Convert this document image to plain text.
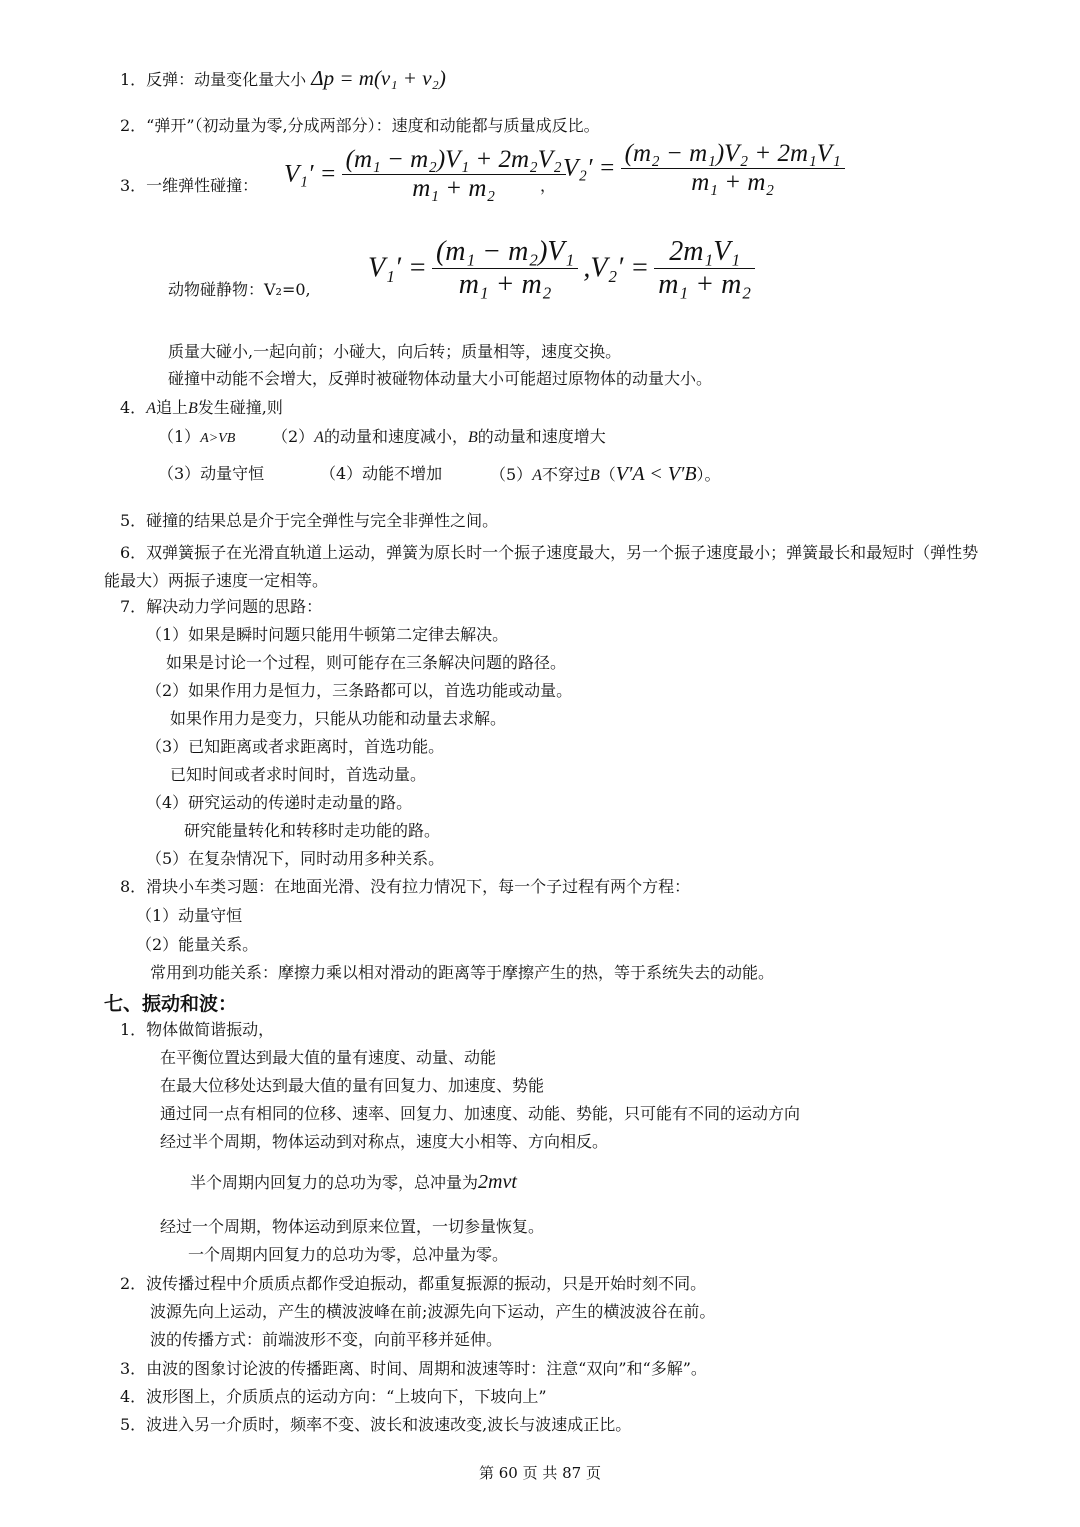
1．反弹：动量变化量大小 Δp = m(v₁ + v₂)
2．“弹开”（初动量为零,分成两部分）：速度和动能都与质量成反比。
3．一维弹性碰撞： $V_1' = \frac{\text{(m₁ − m₂)V₁ + 2m₂V₂}}{\text{m₁ + m₂}}$
，
$V_2' = \frac{\text{(m₂ − m₁)V₂ + 2m₁V₁}}{\text{m₁ + m₂}}$
动物碰静物：V₂=0,
$V_1' = \frac{\text{(m₁ − m₂)V₁}}{\text{m₁ + m₂}} ,V_2' = \frac{\text{2m₁V₁}}{\text{m₁ + m₂}}$
质量大碰小,一起向前；小碰大，向后转；质量相等，速度交换。
碰撞中动能不会增大，反弹时被碰物体动量大小可能超过原物体的动量大小。
4．A追上B发生碰撞,则
（1）A>VB （2）A的动量和速度减小，B的动量和速度增大
（3）动量守恒	（4）动能不增加	（5）A不穿过B（V′A < V′B）。
5．碰撞的结果总是介于完全弹性与完全非弹性之间。
6．双弹簧振子在光滑直轨道上运动，弹簧为原长时一个振子速度最大，另一个振子速度最小；弹簧最长和最短时（弹性势能最大）两振子速度一定相等。
7．解决动力学问题的思路：
（1）如果是瞬时问题只能用牛顿第二定律去解决。
如果是讨论一个过程，则可能存在三条解决问题的路径。
（2）如果作用力是恒力，三条路都可以，首选功能或动量。
如果作用力是变力，只能从功能和动量去求解。
（3）已知距离或者求距离时，首选功能。
已知时间或者求时间时，首选动量。
（4）研究运动的传递时走动量的路。
研究能量转化和转移时走功能的路。
（5）在复杂情况下，同时动用多种关系。
8．滑块小车类习题：在地面光滑、没有拉力情况下，每一个子过程有两个方程：
（1）动量守恒
（2）能量关系。
常用到功能关系：摩擦力乘以相对滑动的距离等于摩擦产生的热，等于系统失去的动能。
七、振动和波：
1．物体做简谐振动，
在平衡位置达到最大值的量有速度、动量、动能
在最大位移处达到最大值的量有回复力、加速度、势能
通过同一点有相同的位移、速率、回复力、加速度、动能、势能，只可能有不同的运动方向
经过半个周期，物体运动到对称点，速度大小相等、方向相反。
半个周期内回复力的总功为零，总冲量为2mvt
经过一个周期，物体运动到原来位置，一切参量恢复。
一个周期内回复力的总功为零，总冲量为零。
2．波传播过程中介质质点都作受迫振动，都重复振源的振动，只是开始时刻不同。
波源先向上运动，产生的横波波峰在前;波源先向下运动，产生的横波波谷在前。
波的传播方式：前端波形不变，向前平移并延伸。
3．由波的图象讨论波的传播距离、时间、周期和波速等时：注意“双向”和“多解”。
4．波形图上，介质质点的运动方向：“上坡向下，下坡向上”
5．波进入另一介质时，频率不变、波长和波速改变,波长与波速成正比。
第 60 页 共 87 页
